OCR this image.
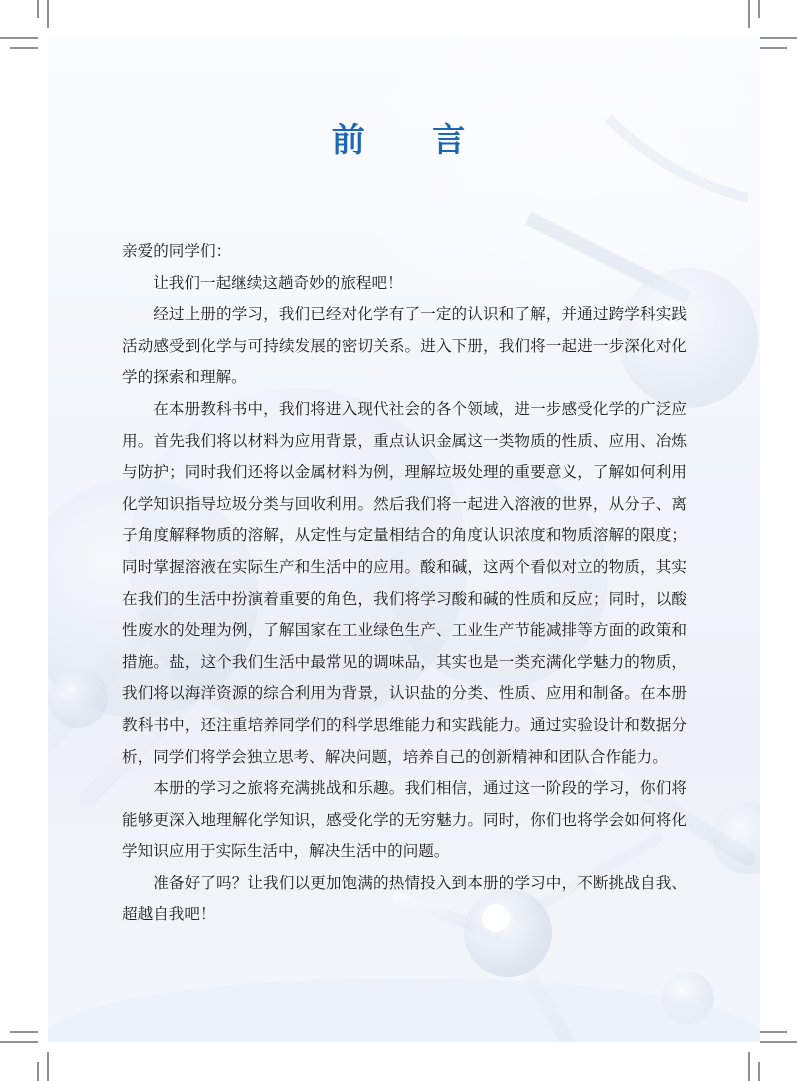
前 言

亲爱的同学们：

让我们一起继续这趟奇妙的旅程吧！

经过上册的学习，我们已经对化学有了一定的认识和了解，并通过跨学科实践活动感受到化学与可持续发展的密切关系。进入下册，我们将一起进一步深化对化学的探索和理解。

在本册教科书中，我们将进入现代社会的各个领域，进一步感受化学的广泛应用。首先我们将以材料为应用背景，重点认识金属这一类物质的性质、应用、冶炼与防护；同时我们还将以金属材料为例，理解垃圾处理的重要意义，了解如何利用化学知识指导垃圾分类与回收利用。然后我们将一起进入溶液的世界，从分子、离子角度解释物质的溶解，从定性与定量相结合的角度认识浓度和物质溶解的限度；同时掌握溶液在实际生产和生活中的应用。酸和碱，这两个看似对立的物质，其实在我们的生活中扮演着重要的角色，我们将学习酸和碱的性质和反应；同时，以酸性废水的处理为例，了解国家在工业绿色生产、工业生产节能减排等方面的政策和措施。盐，这个我们生活中最常见的调味品，其实也是一类充满化学魅力的物质，我们将以海洋资源的综合利用为背景，认识盐的分类、性质、应用和制备。在本册教科书中，还注重培养同学们的科学思维能力和实践能力。通过实验设计和数据分析，同学们将学会独立思考、解决问题，培养自己的创新精神和团队合作能力。

本册的学习之旅将充满挑战和乐趣。我们相信，通过这一阶段的学习，你们将能够更深入地理解化学知识，感受化学的无穷魅力。同时，你们也将学会如何将化学知识应用于实际生活中，解决生活中的问题。

准备好了吗？让我们以更加饱满的热情投入到本册的学习中，不断挑战自我、超越自我吧！
